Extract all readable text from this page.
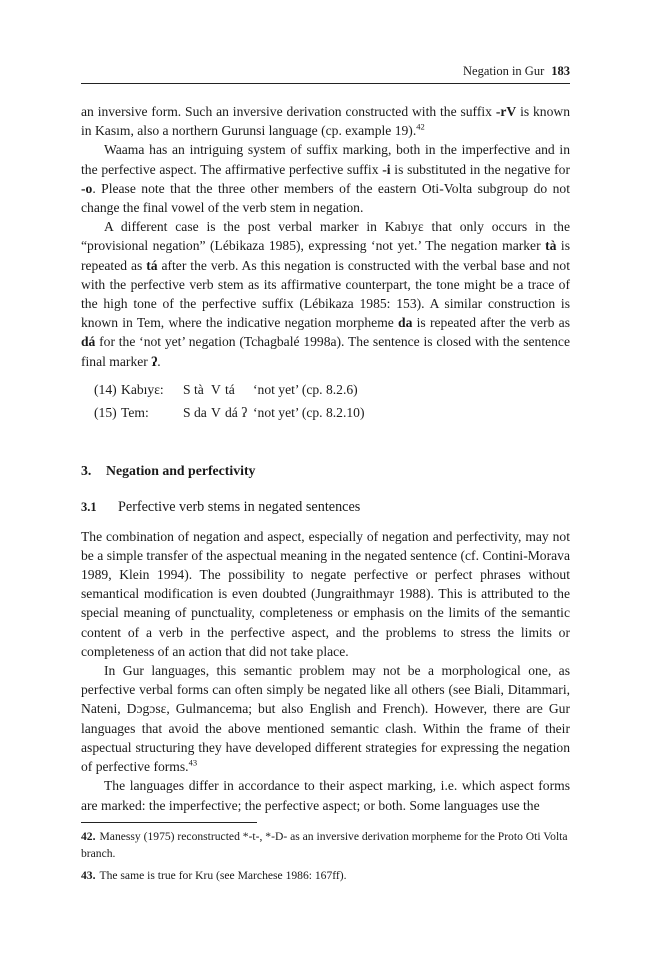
Negation in Gur 183

an inversive form. Such an inversive derivation constructed with the suffix -rV is known in Kasım, also a northern Gurunsi language (cp. example 19).$^{42}$

Waama has an intriguing system of suffix marking, both in the imperfective and in the perfective aspect. The affirmative perfective suffix -i is substituted in the negative for -o. Please note that the three other members of the eastern Oti-Volta subgroup do not change the final vowel of the verb stem in negation.

A different case is the post verbal marker in Kabıyɛ that only occurs in the “provisional negation” (Lébikaza 1985), expressing ‘not yet.’ The negation marker tà is repeated as tá after the verb. As this negation is constructed with the verbal base and not with the perfective verb stem as its affirmative counterpart, the tone might be a trace of the high tone of the perfective suffix (Lébikaza 1985: 153). A similar construction is known in Tem, where the indicative negation morpheme da is repeated after the verb as dá for the ‘not yet’ negation (Tchagbalé 1998a). The sentence is closed with the sentence final marker ʔ.

(14) Kabıyɛ:	S tà V tá	‘not yet’ (cp. 8.2.6)
(15) Tem:	S da V dá ʔ ‘not yet’ (cp. 8.2.10)
3. Negation and perfectivity
3.1 Perfective verb stems in negated sentences

The combination of negation and aspect, especially of negation and perfectivity, may not be a simple transfer of the aspectual meaning in the negated sentence (cf. Contini-Morava 1989, Klein 1994). The possibility to negate perfective or perfect phrases without semantical modification is even doubted (Jungraithmayr 1988). This is attributed to the special meaning of punctuality, completeness or emphasis on the limits of the semantic content of a verb in the perfective aspect, and the problems to stress the limits or completeness of an action that did not take place.

In Gur languages, this semantic problem may not be a morphological one, as perfective verbal forms can often simply be negated like all others (see Biali, Ditammari, Nateni, Dɔgɔsɛ, Gulmancema; but also English and French). However, there are Gur languages that avoid the above mentioned semantic clash. Within the frame of their aspectual structuring they have developed different strategies for expressing the negation of perfective forms.$^{43}$

The languages differ in accordance to their aspect marking, i.e. which aspect forms are marked: the imperfective; the perfective aspect; or both. Some languages use the

42. Manessy (1975) reconstructed *-t-, *-D- as an inversive derivation morpheme for the Proto Oti Volta branch.

43. The same is true for Kru (see Marchese 1986: 167ff).
